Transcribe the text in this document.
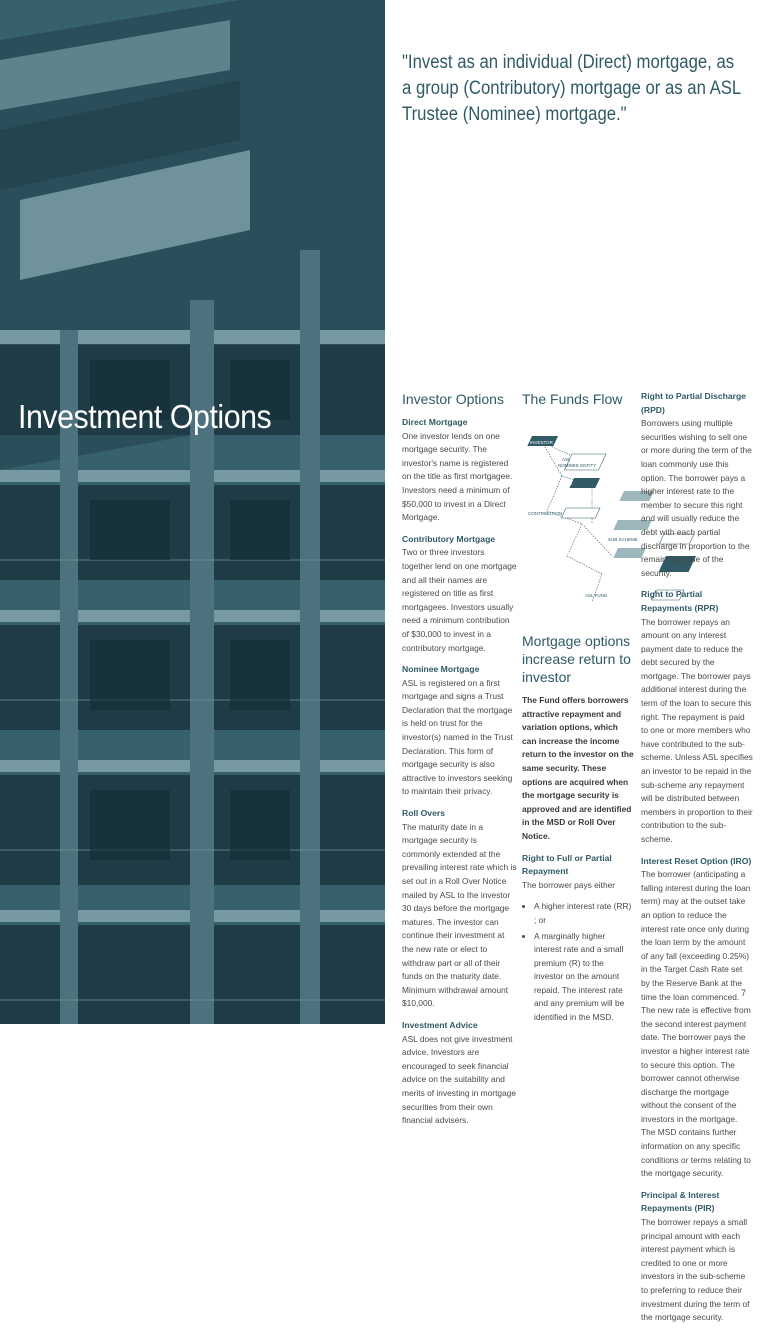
Investment Options
"Invest as an individual (Direct) mortgage, as a group (Contributory) mortgage or as an ASL Trustee (Nominee) mortgage."
Investor Options
Direct Mortgage

One investor lends on one mortgage security. The investor's name is registered on the title as first mortgagee. Investors need a minimum of $50,000 to invest in a Direct Mortgage.

Contributory Mortgage

Two or three investors together lend on one mortgage and all their names are registered on title as first mortgagees. Investors usually need a minimum contribution of $30,000 to invest in a contributory mortgage.

Nominee Mortgage

ASL is registered on a first mortgage and signs a Trust Declaration that the mortgage is held on trust for the investor(s) named in the Trust Declaration. This form of mortgage security is also attractive to investors seeking to maintain their privacy.

Roll Overs

The maturity date in a mortgage security is commonly extended at the prevailing interest rate which is set out in a Roll Over Notice mailed by ASL to the investor 30 days before the mortgage matures. The investor can continue their investment at the new rate or elect to withdraw part or all of their funds on the maturity date. Minimum withdrawal amount $10,000.

Investment Advice

ASL does not give investment advice. Investors are encouraged to seek financial advice on the suitability and merits of investing in mortgage securities from their own financial advisers.

The Funds Flow
INVESTOR
ASL
NOMINEE ENTITY
ASL FUND
DIRECT
CONTRIBUTION
CONTRIBUTORY
SUB SCHEME
NOMINEE
MORTGAGE
SECURITY
ASL FUND
Mortgage options increase return to investor

The Fund offers borrowers attractive repayment and variation options, which can increase the income return to the investor on the same security. These options are acquired when the mortgage security is approved and are identified in the MSD or Roll Over Notice.

Right to Full or Partial Repayment

The borrower pays either

• A higher interest rate (RR) ; or
• A marginally higher interest rate and a small premium (R) to the investor on the amount repaid. The interest rate and any premium will be identified in the MSD.
Right to Partial Discharge (RPD)

Borrowers using multiple securities wishing to sell one or more during the term of the loan commonly use this option. The borrower pays a higher interest rate to the member to secure this right and will usually reduce the debt with each partial discharge in proportion to the remaining value of the security.

Right to Partial Repayments (RPR)

The borrower repays an amount on any interest payment date to reduce the debt secured by the mortgage. The borrower pays additional interest during the term of the loan to secure this right. The repayment is paid to one or more members who have contributed to the sub-scheme. Unless ASL specifies an investor to be repaid in the sub-scheme any repayment will be distributed between members in proportion to their contribution to the sub-scheme.

Interest Reset Option (IRO)

The borrower (anticipating a falling interest during the loan term) may at the outset take an option to reduce the interest rate once only during the loan term by the amount of any fall (exceeding 0.25%) in the Target Cash Rate set by the Reserve Bank at the time the loan commenced. The new rate is effective from the second interest payment date. The borrower pays the investor a higher interest rate to secure this option. The borrower cannot otherwise discharge the mortgage without the consent of the investors in the mortgage. The MSD contains further information on any specific conditions or terms relating to the mortgage security.

Principal & Interest Repayments (PIR)

The borrower repays a small principal amount with each interest payment which is credited to one or more investors in the sub-scheme to preferring to reduce their investment during the term of the mortgage security.

7
